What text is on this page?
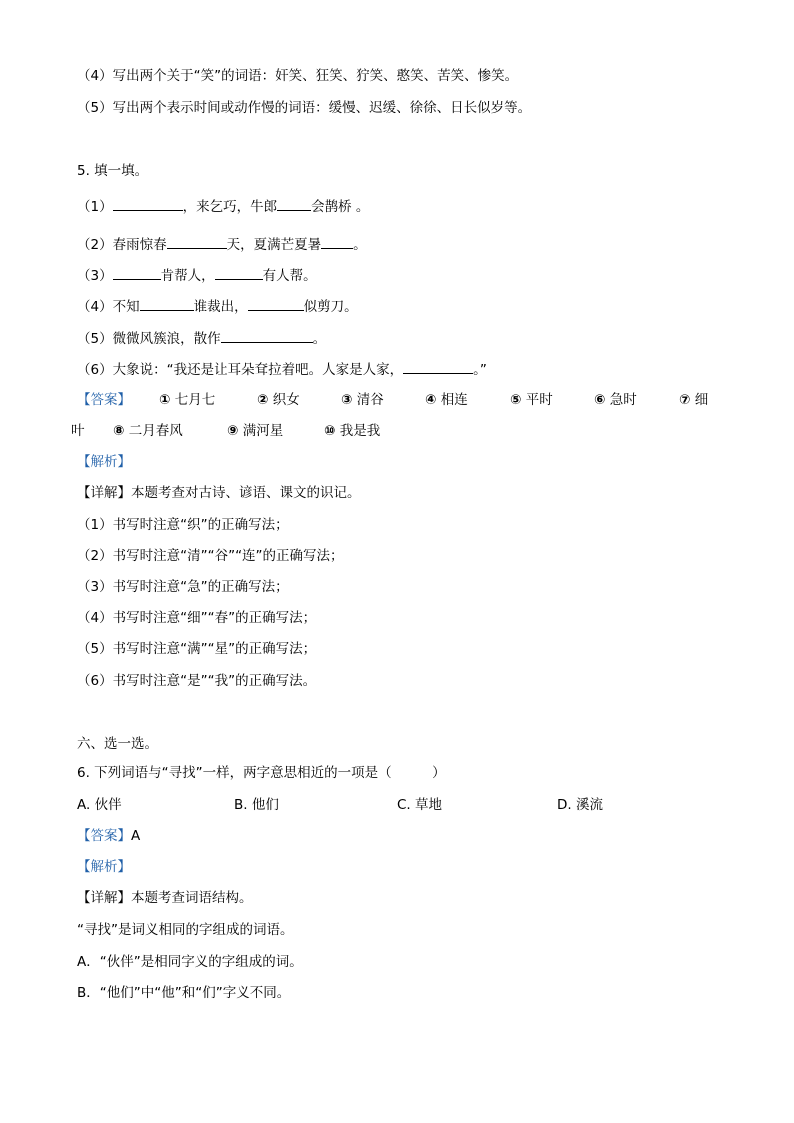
（4）写出两个关于“笑”的词语：奸笑、狂笑、狞笑、憨笑、苦笑、惨笑。
（5）写出两个表示时间或动作慢的词语：缓慢、迟缓、徐徐、日长似岁等。
5. 填一填。
（1）	，来乞巧，牛郎	会鹊桥 。
（2）春雨惊春	天，夏满芒夏暑 。
（3）	肯帮人，	有人帮。
（4）不知	谁裁出，	似剪刀。
（5）微微风簇浪，散作	。
（6）大象说：“我还是让耳朵耷拉着吧。人家是人家，	。”
【答案】 ① 七月七	② 织女	③ 清谷	④ 相连	⑤ 平时	⑥ 急时	⑦ 细
叶 ⑧ 二月春风	⑨ 满河星	⑩ 我是我
【解析】
【详解】本题考查对古诗、谚语、课文的识记。
（1）书写时注意“织”的正确写法；
（2）书写时注意“清”“谷”“连”的正确写法；
（3）书写时注意“急”的正确写法；
（4）书写时注意“细”“春”的正确写法；
（5）书写时注意“满”“星”的正确写法；
（6）书写时注意“是”“我”的正确写法。
六、选一选。
6. 下列词语与“寻找”一样，两字意思相近的一项是（　　　）
A. 伙伴	B. 他们	C. 草地	D. 溪流
【答案】A
【解析】
【详解】本题考查词语结构。
“寻找”是词义相同的字组成的词语。
A．“伙伴”是相同字义的字组成的词。
B．“他们”中“他”和“们”字义不同。
